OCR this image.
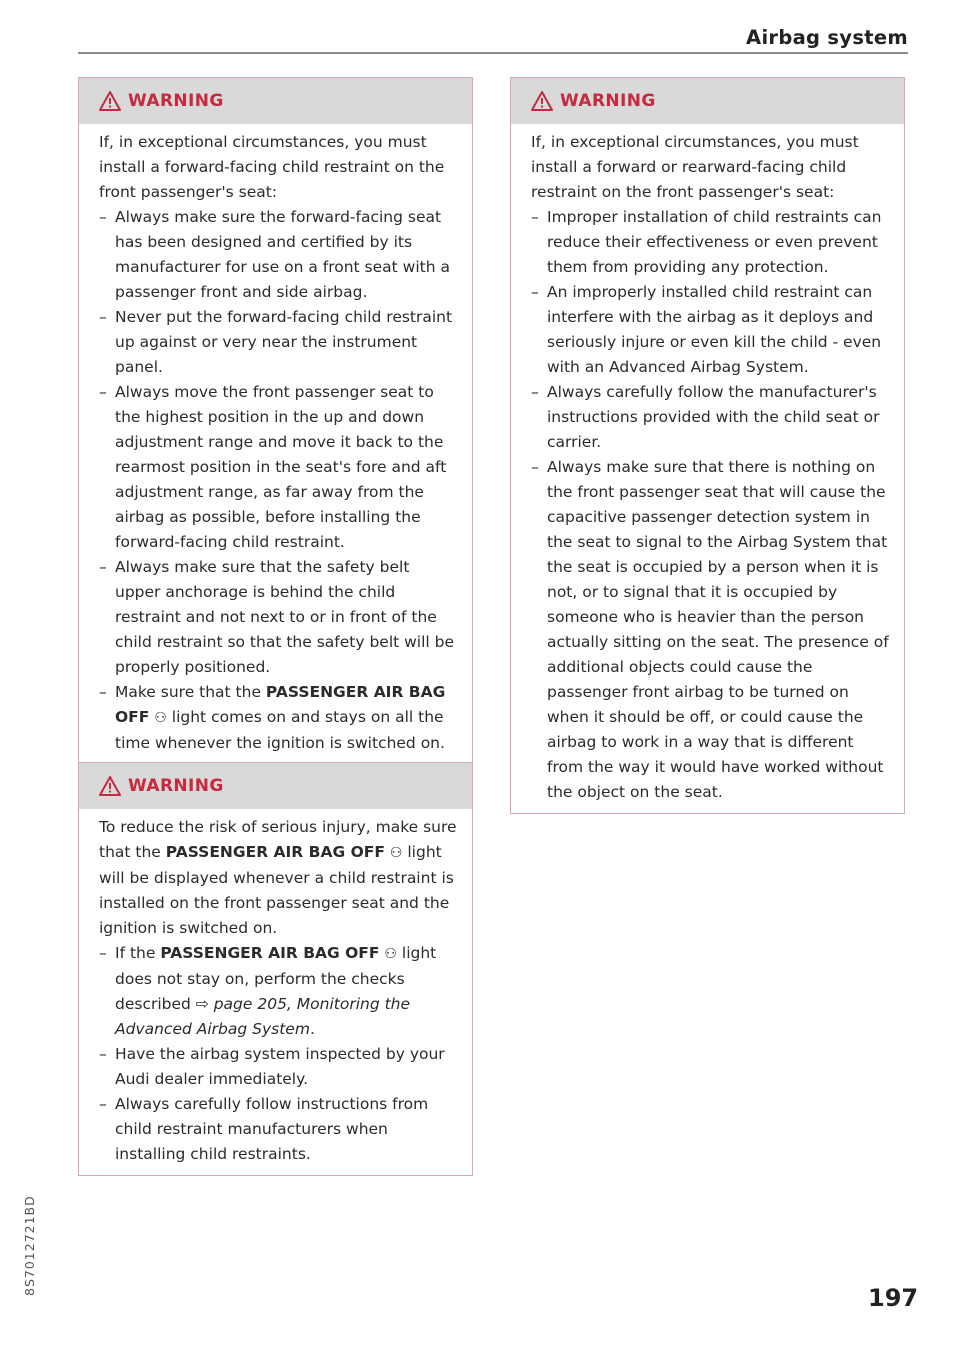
Airbag system
WARNING

If, in exceptional circumstances, you must install a forward-facing child restraint on the front passenger's seat:

– Always make sure the forward-facing seat has been designed and certified by its manufacturer for use on a front seat with a passenger front and side airbag.
– Never put the forward-facing child restraint up against or very near the instrument panel.
– Always move the front passenger seat to the highest position in the up and down adjustment range and move it back to the rearmost position in the seat's fore and aft adjustment range, as far away from the airbag as possible, before installing the forward-facing child restraint.
– Always make sure that the safety belt upper anchorage is behind the child restraint and not next to or in front of the child restraint so that the safety belt will be properly positioned.
– Make sure that the PASSENGER AIR BAG OFF ⚇ light comes on and stays on all the time whenever the ignition is switched on.
WARNING

To reduce the risk of serious injury, make sure that the PASSENGER AIR BAG OFF ⚇ light will be displayed whenever a child restraint is installed on the front passenger seat and the ignition is switched on.

– If the PASSENGER AIR BAG OFF ⚇ light does not stay on, perform the checks described ⇨ page 205, Monitoring the Advanced Airbag System.
– Have the airbag system inspected by your Audi dealer immediately.
– Always carefully follow instructions from child restraint manufacturers when installing child restraints.
WARNING

If, in exceptional circumstances, you must install a forward or rearward-facing child restraint on the front passenger's seat:

– Improper installation of child restraints can reduce their effectiveness or even prevent them from providing any protection.
– An improperly installed child restraint can interfere with the airbag as it deploys and seriously injure or even kill the child - even with an Advanced Airbag System.
– Always carefully follow the manufacturer's instructions provided with the child seat or carrier.
– Always make sure that there is nothing on the front passenger seat that will cause the capacitive passenger detection system in the seat to signal to the Airbag System that the seat is occupied by a person when it is not, or to signal that it is occupied by someone who is heavier than the person actually sitting on the seat. The presence of additional objects could cause the passenger front airbag to be turned on when it should be off, or could cause the airbag to work in a way that is different from the way it would have worked without the object on the seat.
8S7012721BD
197
